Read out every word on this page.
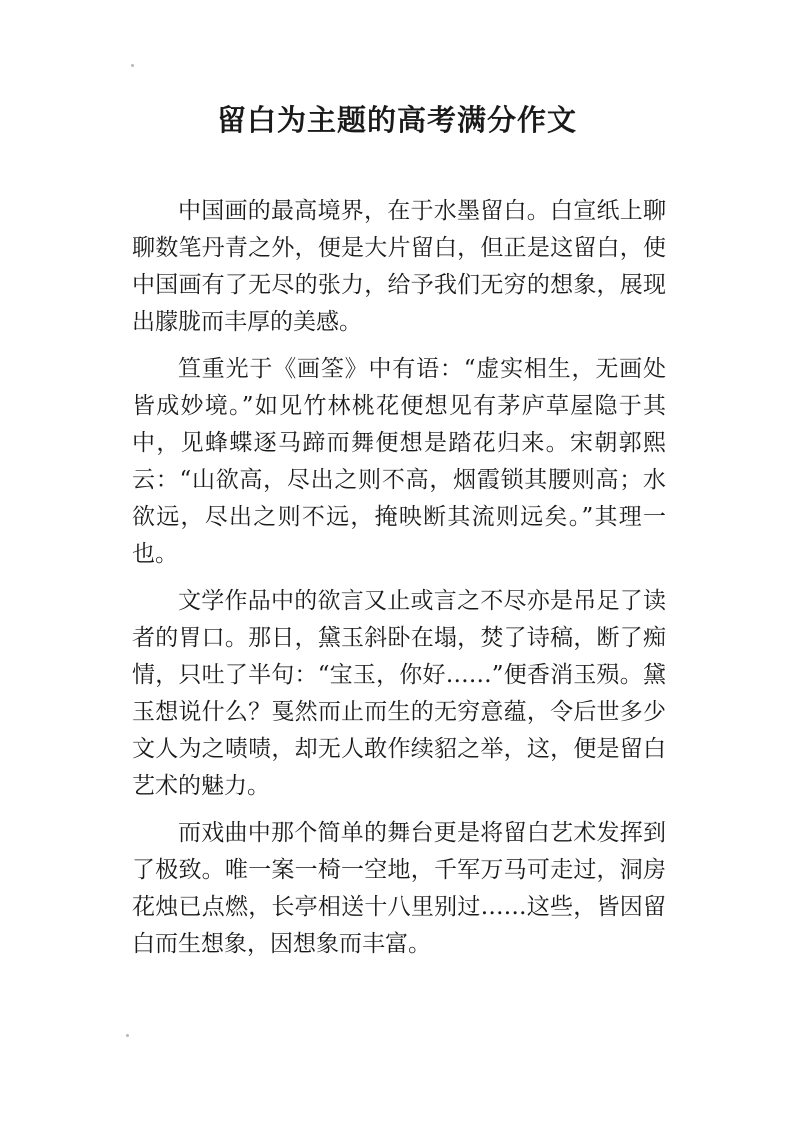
留白为主题的高考满分作文

中国画的最高境界，在于水墨留白。白宣纸上聊聊数笔丹青之外，便是大片留白，但正是这留白，使中国画有了无尽的张力，给予我们无穷的想象，展现出朦胧而丰厚的美感。

笪重光于《画筌》中有语：“虚实相生，无画处皆成妙境。”如见竹林桃花便想见有茅庐草屋隐于其中，见蜂蝶逐马蹄而舞便想是踏花归来。宋朝郭熙云：“山欲高，尽出之则不高，烟霞锁其腰则高；水欲远，尽出之则不远，掩映断其流则远矣。”其理一也。

文学作品中的欲言又止或言之不尽亦是吊足了读者的胃口。那日，黛玉斜卧在塌，焚了诗稿，断了痴情，只吐了半句：“宝玉，你好……”便香消玉殒。黛玉想说什么？戛然而止而生的无穷意蕴，令后世多少文人为之啧啧，却无人敢作续貂之举，这，便是留白艺术的魅力。

而戏曲中那个简单的舞台更是将留白艺术发挥到了极致。唯一案一椅一空地，千军万马可走过，洞房花烛已点燃，长亭相送十八里别过……这些，皆因留白而生想象，因想象而丰富。
